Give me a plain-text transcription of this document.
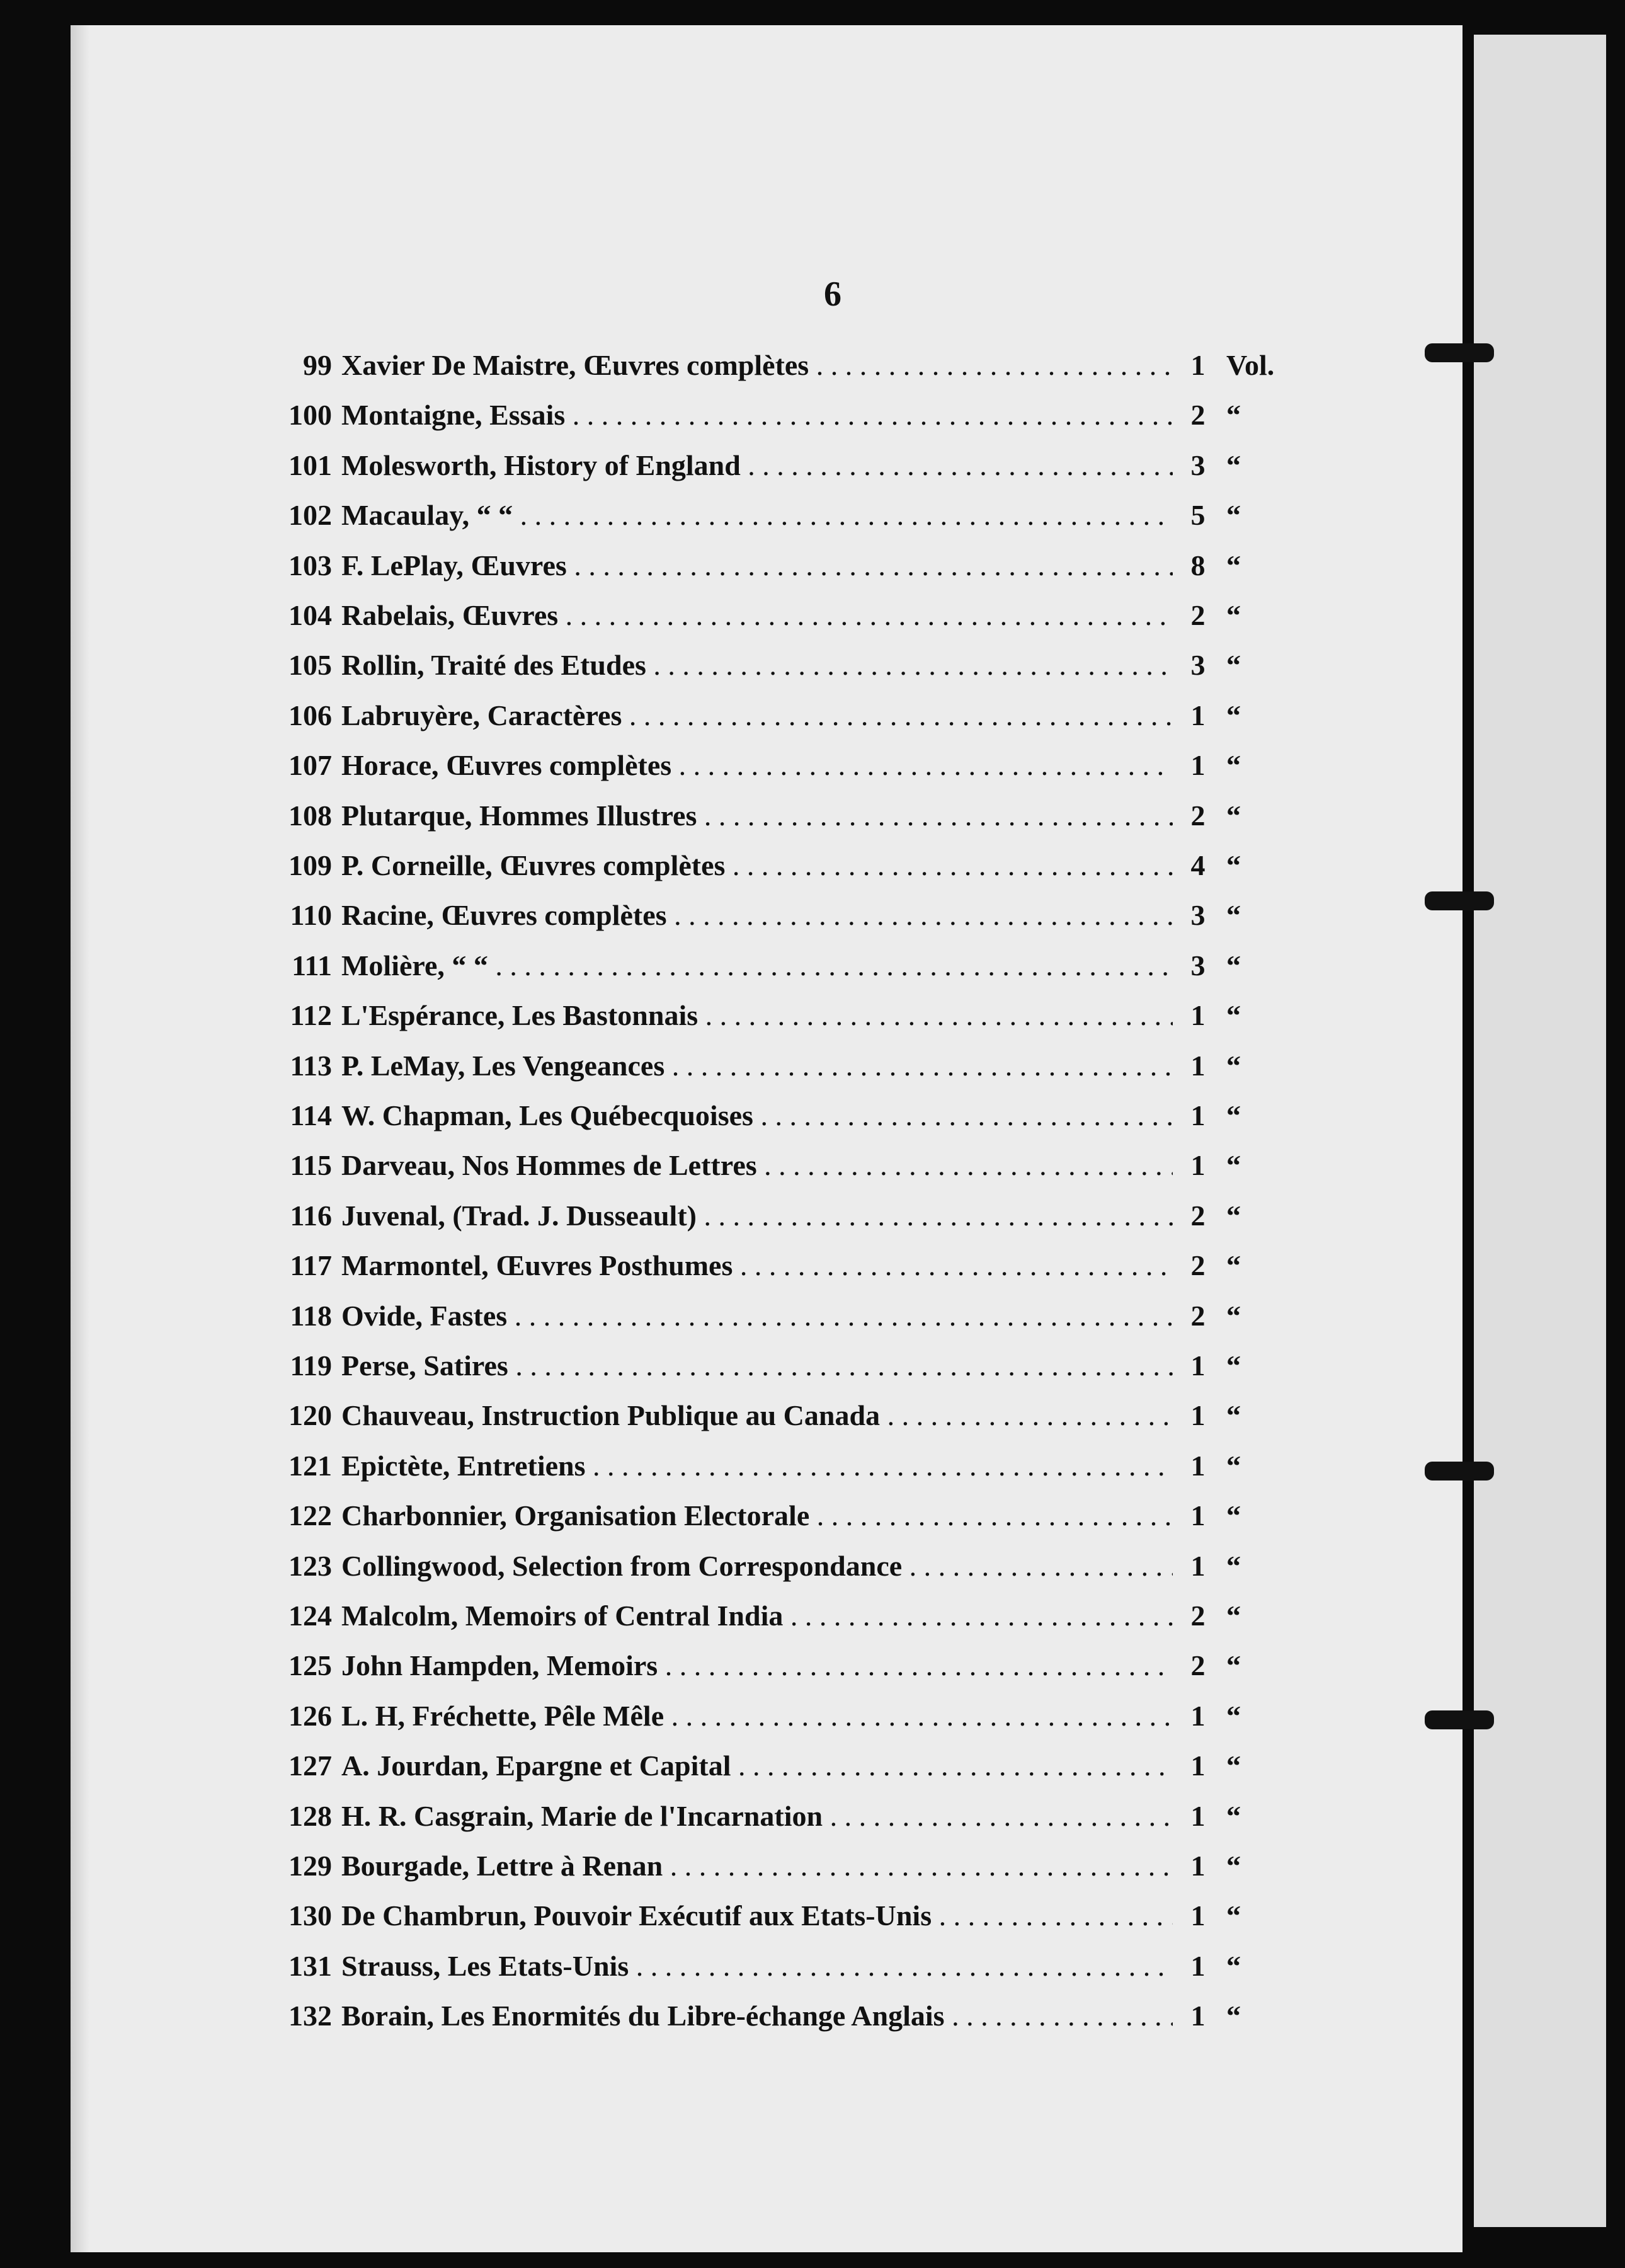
6
99 Xavier De Maistre, Œuvres complètes . . .	1 Vol.
100 Montaigne, Essais . . .	2 “
101 Molesworth, History of England . . .	3 “
102 Macaulay, “ “ . . .	5 “
103 F. LePlay, Œuvres . . .	8 “
104 Rabelais, Œuvres . . .	2 “
105 Rollin, Traité des Etudes . . .	3 “
106 Labruyère, Caractères . . .	1 “
107 Horace, Œuvres complètes . . .	1 “
108 Plutarque, Hommes Illustres . . .	2 “
109 P. Corneille, Œuvres complètes . . .	4 “
110 Racine, Œuvres complètes . . .	3 “
111 Molière, “ “ . . .	3 “
112 L'Espérance, Les Bastonnais . . .	1 “
113 P. LeMay, Les Vengeances . . .	1 “
114 W. Chapman, Les Québecquoises . . .	1 “
115 Darveau, Nos Hommes de Lettres . . .	1 “
116 Juvenal, (Trad. J. Dusseault) . . .	2 “
117 Marmontel, Œuvres Posthumes . . .	2 “
118 Ovide, Fastes . . .	2 “
119 Perse, Satires . . .	1 “
120 Chauveau, Instruction Publique au Canada . . .	1 “
121 Epictète, Entretiens . . .	1 “
122 Charbonnier, Organisation Electorale . . .	1 “
123 Collingwood, Selection from Correspondance . . .	1 “
124 Malcolm, Memoirs of Central India . . .	2 “
125 John Hampden, Memoirs . . .	2 “
126 L. H, Fréchette, Pêle Mêle . . .	1 “
127 A. Jourdan, Epargne et Capital . . .	1 “
128 H. R. Casgrain, Marie de l'Incarnation . . .	1 “
129 Bourgade, Lettre à Renan . . .	1 “
130 De Chambrun, Pouvoir Exécutif aux Etats-Unis . . .	1 “
131 Strauss, Les Etats-Unis . . .	1 “
132 Borain, Les Enormités du Libre-échange Anglais . . .	1 “
